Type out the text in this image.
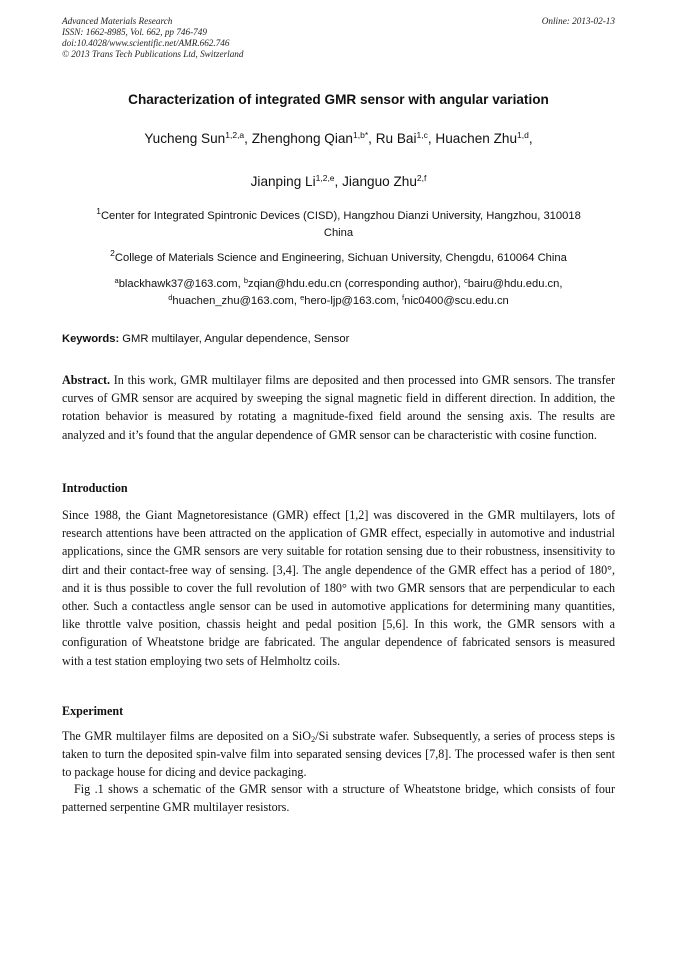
Advanced Materials Research
ISSN: 1662-8985, Vol. 662, pp 746-749
doi:10.4028/www.scientific.net/AMR.662.746
© 2013 Trans Tech Publications Ltd, Switzerland
Online: 2013-02-13
Characterization of integrated GMR sensor with angular variation
Yucheng Sun$^{1,2,a}$, Zhenghong Qian$^{1,b*}$, Ru Bai$^{1,c}$, Huachen Zhu$^{1,d}$,
Jianping Li$^{1,2,e}$, Jianguo Zhu$^{2,f}$
$^1$Center for Integrated Spintronic Devices (CISD), Hangzhou Dianzi University, Hangzhou, 310018
China
$^2$College of Materials Science and Engineering, Sichuan University, Chengdu, 610064 China
$^a$blackhawk37@163.com, $^b$zqian@hdu.edu.cn (corresponding author), $^c$bairu@hdu.edu.cn,
$^d$huachen_zhu@163.com, $^e$hero-ljp@163.com, $^f$nic0400@scu.edu.cn
Keywords: GMR multilayer, Angular dependence, Sensor
Abstract. In this work, GMR multilayer films are deposited and then processed into GMR sensors. The transfer curves of GMR sensor are acquired by sweeping the signal magnetic field in different direction. In addition, the rotation behavior is measured by rotating a magnitude-fixed field around the sensing axis. The results are analyzed and it’s found that the angular dependence of GMR sensor can be characteristic with cosine function.
Introduction
Since 1988, the Giant Magnetoresistance (GMR) effect [1,2] was discovered in the GMR multilayers, lots of research attentions have been attracted on the application of GMR effect, especially in automotive and industrial applications, since the GMR sensors are very suitable for rotation sensing due to their robustness, insensitivity to dirt and their contact-free way of sensing. [3,4]. The angle dependence of the GMR effect has a period of 180°, and it is thus possible to cover the full revolution of 180° with two GMR sensors that are perpendicular to each other. Such a contactless angle sensor can be used in automotive applications for determining many quantities, like throttle valve position, chassis height and pedal position [5,6]. In this work, the GMR sensors with a configuration of Wheatstone bridge are fabricated. The angular dependence of fabricated sensors is measured with a test station employing two sets of Helmholtz coils.
Experiment
The GMR multilayer films are deposited on a SiO$_2$/Si substrate wafer. Subsequently, a series of process steps is taken to turn the deposited spin-valve film into separated sensing devices [7,8]. The processed wafer is then sent to package house for dicing and device packaging.
Fig .1 shows a schematic of the GMR sensor with a structure of Wheatstone bridge, which consists of four patterned serpentine GMR multilayer resistors.
